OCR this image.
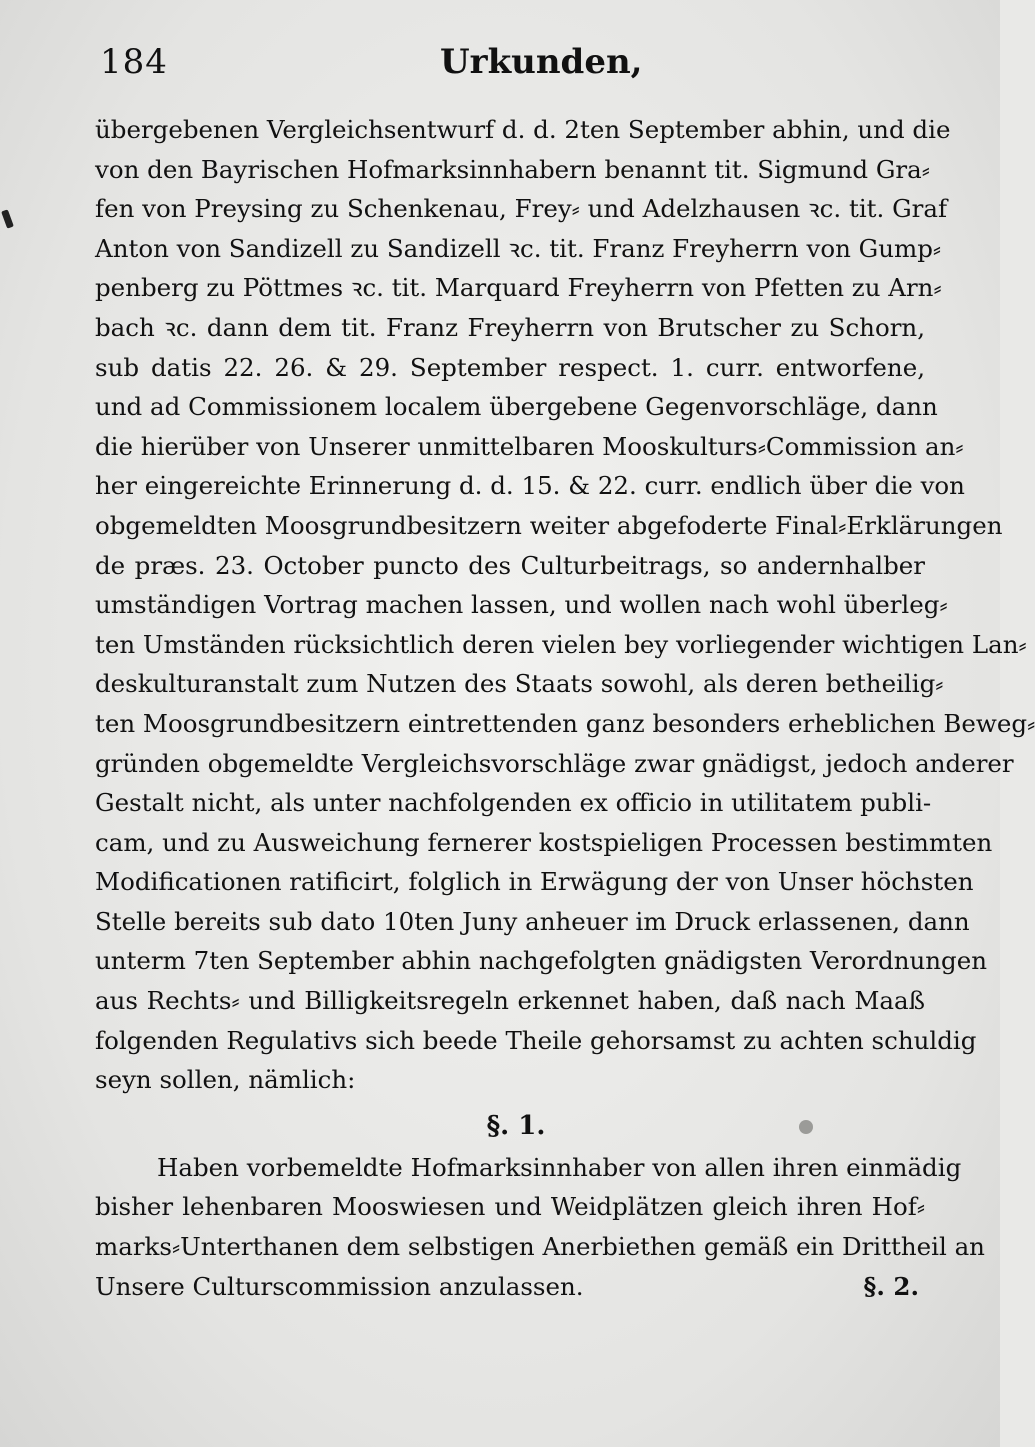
184	Urkunden,
übergebenen Vergleichsentwurf d. d. 2ten September abhin, und die
von den Bayrischen Hofmarksinnhabern benannt tit. Sigmund Gra⸗
fen von Preysing zu Schenkenau, Frey⸗ und Adelzhausen ꝛc. tit. Graf
Anton von Sandizell zu Sandizell ꝛc. tit. Franz Freyherrn von Gump⸗
penberg zu Pöttmes ꝛc. tit. Marquard Freyherrn von Pfetten zu Arn⸗
bach ꝛc. dann dem tit. Franz Freyherrn von Brutscher zu Schorn,
sub datis 22. 26. & 29. September respect. 1. curr. entworfene,
und ad Commissionem localem übergebene Gegenvorschläge, dann
die hierüber von Unserer unmittelbaren Mooskulturs⸗Commission an⸗
her eingereichte Erinnerung d. d. 15. & 22. curr. endlich über die von
obgemeldten Moosgrundbesitzern weiter abgefoderte Final⸗Erklärungen
de præs. 23. October puncto des Culturbeitrags, so andernhalber
umständigen Vortrag machen lassen, und wollen nach wohl überleg⸗
ten Umständen rücksichtlich deren vielen bey vorliegender wichtigen Lan⸗
deskulturanstalt zum Nutzen des Staats sowohl, als deren betheilig⸗
ten Moosgrundbesitzern eintrettenden ganz besonders erheblichen Beweg⸗
gründen obgemeldte Vergleichsvorschläge zwar gnädigst, jedoch anderer
Gestalt nicht, als unter nachfolgenden ex officio in utilitatem publi-
cam, und zu Ausweichung fernerer kostspieligen Processen bestimmten
Modificationen ratificirt, folglich in Erwägung der von Unser höchsten
Stelle bereits sub dato 10ten Juny anheuer im Druck erlassenen, dann
unterm 7ten September abhin nachgefolgten gnädigsten Verordnungen
aus Rechts⸗ und Billigkeitsregeln erkennet haben, daß nach Maaß
folgenden Regulativs sich beede Theile gehorsamst zu achten schuldig
seyn sollen, nämlich:
§. 1.
Haben vorbemeldte Hofmarksinnhaber von allen ihren einmädig
bisher lehenbaren Mooswiesen und Weidplätzen gleich ihren Hof⸗
marks⸗Unterthanen dem selbstigen Anerbiethen gemäß ein Drittheil an
Unsere Culturscommission anzulassen.	§. 2.
